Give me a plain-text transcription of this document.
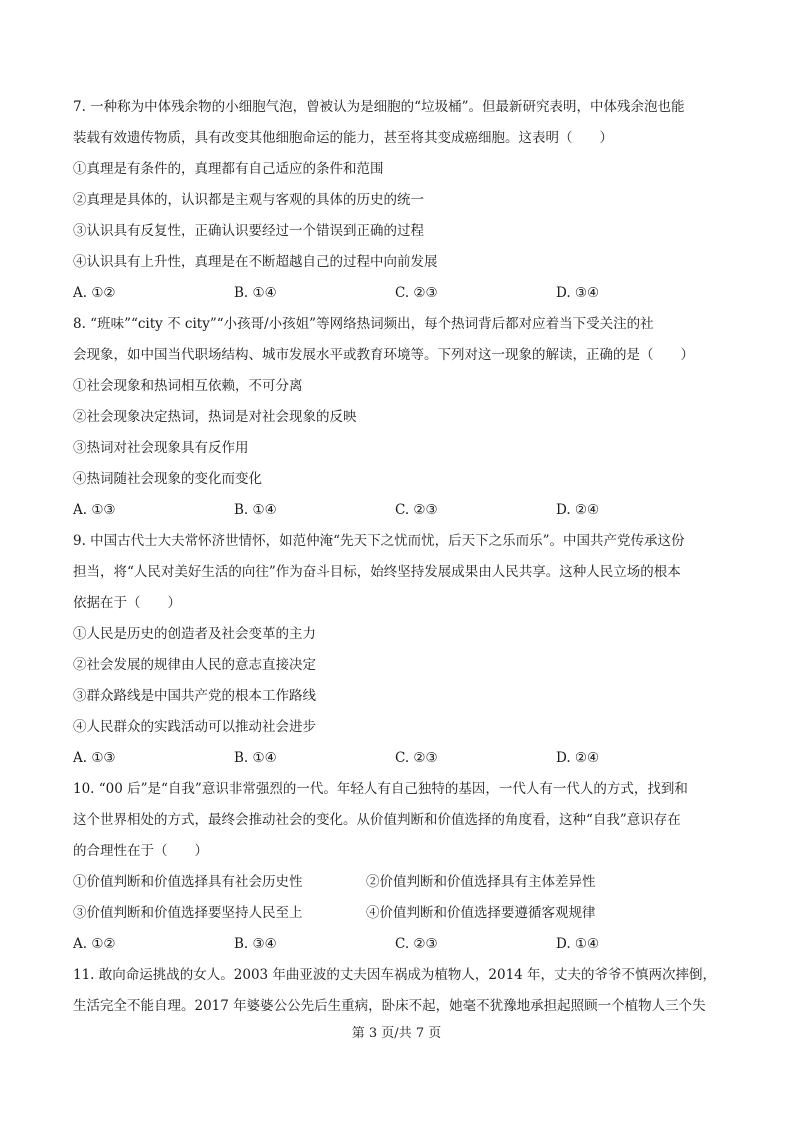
7. 一种称为中体残余物的小细胞气泡，曾被认为是细胞的“垃圾桶”。但最新研究表明，中体残余泡也能
装载有效遗传物质，具有改变其他细胞命运的能力，甚至将其变成癌细胞。这表明（　　）
①真理是有条件的，真理都有自己适应的条件和范围
②真理是具体的，认识都是主观与客观的具体的历史的统一
③认识具有反复性，正确认识要经过一个错误到正确的过程
④认识具有上升性，真理是在不断超越自己的过程中向前发展
A. ①②	B. ①④	C. ②③	D. ③④
8. “班味”“city 不 city”“小孩哥/小孩姐”等网络热词频出，每个热词背后都对应着当下受关注的社
会现象，如中国当代职场结构、城市发展水平或教育环境等。下列对这一现象的解读，正确的是（　　）
①社会现象和热词相互依赖，不可分离
②社会现象决定热词，热词是对社会现象的反映
③热词对社会现象具有反作用
④热词随社会现象的变化而变化
A. ①③	B. ①④	C. ②③	D. ②④
9. 中国古代士大夫常怀济世情怀，如范仲淹“先天下之忧而忧，后天下之乐而乐”。中国共产党传承这份
担当，将“人民对美好生活的向往”作为奋斗目标，始终坚持发展成果由人民共享。这种人民立场的根本
依据在于（　　）
①人民是历史的创造者及社会变革的主力
②社会发展的规律由人民的意志直接决定
③群众路线是中国共产党的根本工作路线
④人民群众的实践活动可以推动社会进步
A. ①③	B. ①④	C. ②③	D. ②④
10. “00 后”是“自我”意识非常强烈的一代。年轻人有自己独特的基因，一代人有一代人的方式，找到和
这个世界相处的方式，最终会推动社会的变化。从价值判断和价值选择的角度看，这种“自我”意识存在
的合理性在于（　　）
①价值判断和价值选择具有社会历史性	②价值判断和价值选择具有主体差异性
③价值判断和价值选择要坚持人民至上	④价值判断和价值选择要遵循客观规律
A. ①②	B. ③④	C. ②③	D. ①④
11. 敢向命运挑战的女人。2003 年曲亚波的丈夫因车祸成为植物人，2014 年，丈夫的爷爷不慎两次摔倒，
生活完全不能自理。2017 年婆婆公公先后生重病，卧床不起，她毫不犹豫地承担起照顾一个植物人三个失
第 3 页/共 7 页
